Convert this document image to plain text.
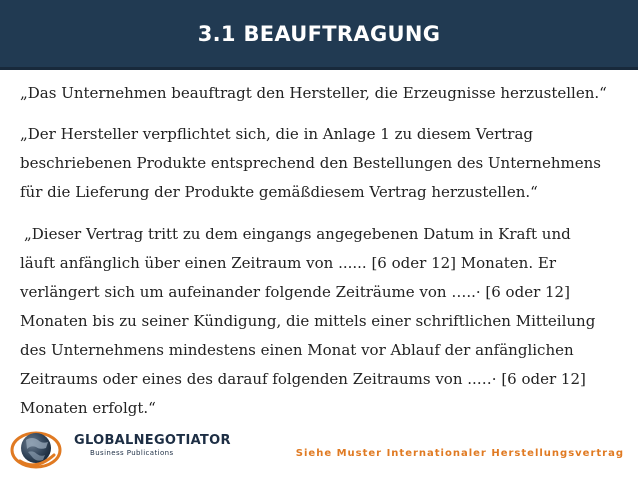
3.1 BEAUFTRAGUNG

„Das Unternehmen beauftragt den Hersteller, die Erzeugnisse herzustellen.“

„Der Hersteller verpflichtet sich, die in Anlage 1 zu diesem Vertrag
beschriebenen Produkte entsprechend den Bestellungen des Unternehmens
für die Lieferung der Produkte gemäßdiesem Vertrag herzustellen.“

„Dieser Vertrag tritt zu dem eingangs angegebenen Datum in Kraft und
läuft anfänglich über einen Zeitraum von ...... [6 oder 12] Monaten. Er
verlängert sich um aufeinander folgende Zeiträume von …..· [6 oder 12]
Monaten bis zu seiner Kündigung, die mittels einer schriftlichen Mitteilung
des Unternehmens mindestens einen Monat vor Ablauf der anfänglichen
Zeitraums oder eines des darauf folgenden Zeitraums von ..…· [6 oder 12]
Monaten erfolgt.“

GLOBALNEGOTIATOR
Business Publications	Siehe Muster Internationaler Herstellungsvertrag
